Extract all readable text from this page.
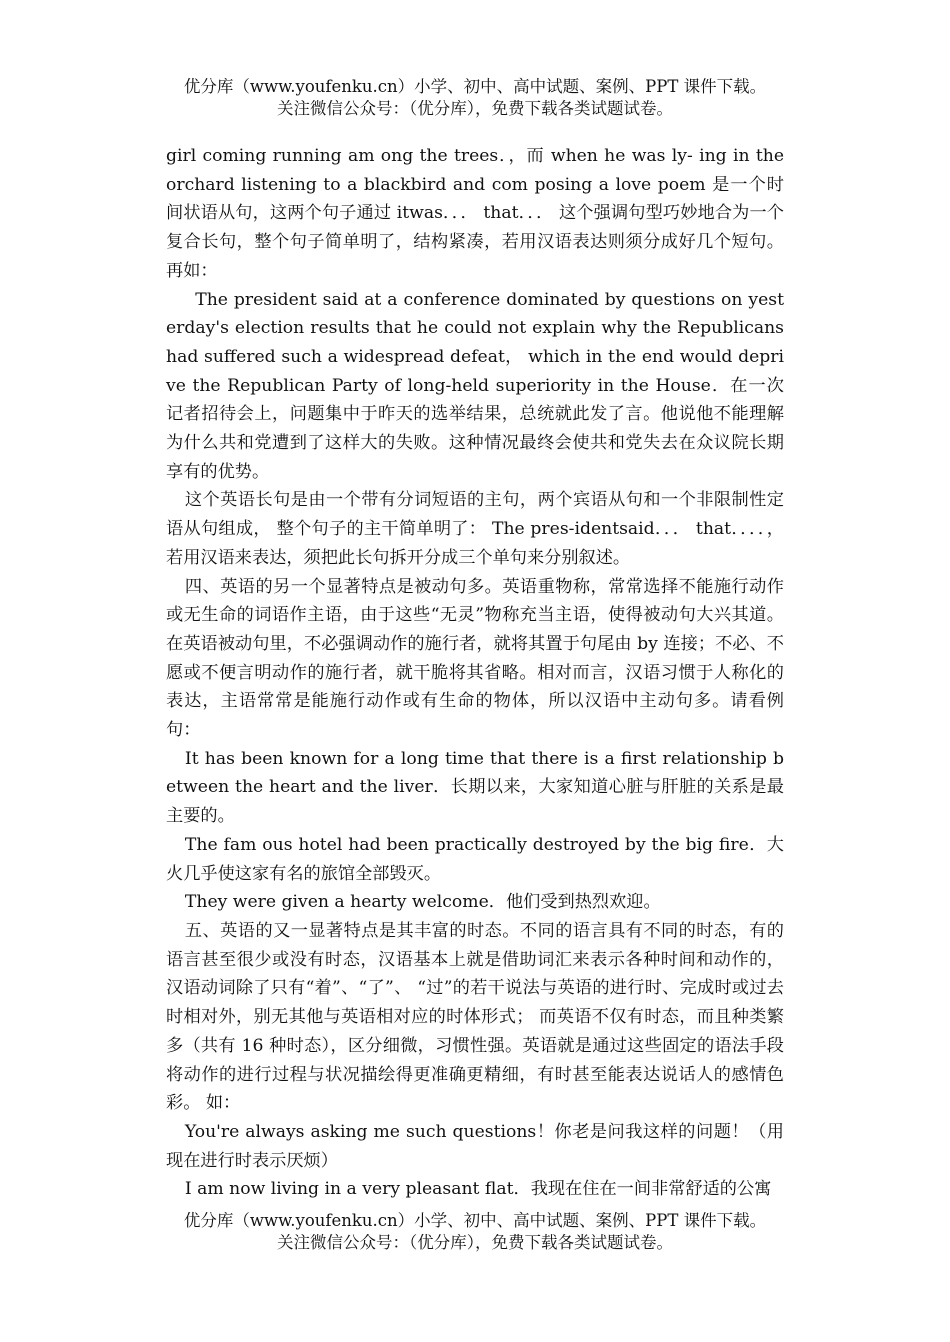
优分库（www.youfenku.cn）小学、初中、高中试题、案例、PPT 课件下载。
关注微信公众号：（优分库），免费下载各类试题试卷。

girl coming running am ong the trees．，而 when he was ly- ing in the orchard listening to a blackbird and com posing a love poem 是一个时间状语从句，这两个句子通过 itwas．．． that．．． 这个强调句型巧妙地合为一个复合长句，整个句子简单明了，结构紧凑，若用汉语表达则须分成好几个短句。再如：

The president said at a conference dominated by questions on yesterday's election results that he could not explain why the Republicans had suffered such a widespread defeat， which in the end would deprive the Republican Party of long-held superiority in the House．在一次记者招待会上，问题集中于昨天的选举结果，总统就此发了言。他说他不能理解为什么共和党遭到了这样大的失败。这种情况最终会使共和党失去在众议院长期享有的优势。

这个英语长句是由一个带有分词短语的主句，两个宾语从句和一个非限制性定语从句组成， 整个句子的主干简单明了： The pres-identsaid．．． that．．．．，若用汉语来表达，须把此长句拆开分成三个单句来分别叙述。

四、英语的另一个显著特点是被动句多。英语重物称，常常选择不能施行动作或无生命的词语作主语，由于这些“无灵”物称充当主语，使得被动句大兴其道。在英语被动句里，不必强调动作的施行者，就将其置于句尾由 by 连接；不必、不愿或不便言明动作的施行者，就干脆将其省略。相对而言，汉语习惯于人称化的表达，主语常常是能施行动作或有生命的物体，所以汉语中主动句多。请看例句：

It has been known for a long time that there is a first relationship between the heart and the liver．长期以来，大家知道心脏与肝脏的关系是最主要的。

The fam ous hotel had been practically destroyed by the big fire．大火几乎使这家有名的旅馆全部毁灭。

They were given a hearty welcome．他们受到热烈欢迎。

五、英语的又一显著特点是其丰富的时态。不同的语言具有不同的时态，有的语言甚至很少或没有时态，汉语基本上就是借助词汇来表示各种时间和动作的，汉语动词除了只有“着”、“了”、 “过”的若干说法与英语的进行时、完成时或过去时相对外，别无其他与英语相对应的时体形式； 而英语不仅有时态，而且种类繁多（共有 16 种时态），区分细微，习惯性强。英语就是通过这些固定的语法手段将动作的进行过程与状况描绘得更准确更精细，有时甚至能表达说话人的感情色彩。 如：

You're always asking me such questions！你老是问我这样的问题！（用现在进行时表示厌烦）

I am now living in a very pleasant flat．我现在住在一间非常舒适的公寓

优分库（www.youfenku.cn）小学、初中、高中试题、案例、PPT 课件下载。
关注微信公众号：（优分库），免费下载各类试题试卷。
